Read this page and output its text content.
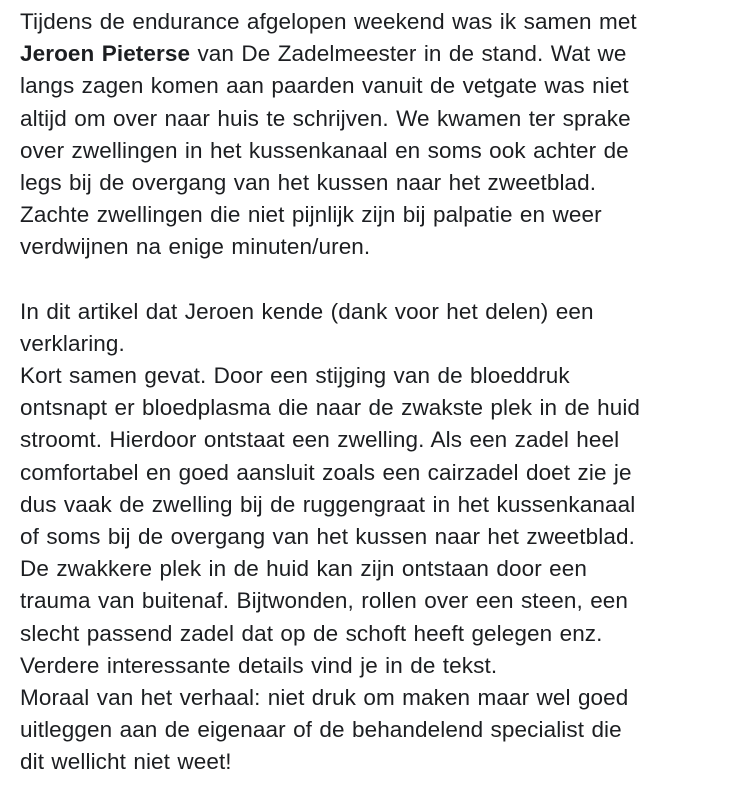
Tijdens de endurance afgelopen weekend was ik samen met
Jeroen Pieterse van De Zadelmeester in de stand. Wat we
langs zagen komen aan paarden vanuit de vetgate was niet
altijd om over naar huis te schrijven. We kwamen ter sprake
over zwellingen in het kussenkanaal en soms ook achter de
legs bij de overgang van het kussen naar het zweetblad.
Zachte zwellingen die niet pijnlijk zijn bij palpatie en weer
verdwijnen na enige minuten/uren.
In dit artikel dat Jeroen kende (dank voor het delen) een
verklaring.
Kort samen gevat. Door een stijging van de bloeddruk
ontsnapt er bloedplasma die naar de zwakste plek in de huid
stroomt. Hierdoor ontstaat een zwelling. Als een zadel heel
comfortabel en goed aansluit zoals een cairzadel doet zie je
dus vaak de zwelling bij de ruggengraat in het kussenkanaal
of soms bij de overgang van het kussen naar het zweetblad.
De zwakkere plek in de huid kan zijn ontstaan door een
trauma van buitenaf. Bijtwonden, rollen over een steen, een
slecht passend zadel dat op de schoft heeft gelegen enz.
Verdere interessante details vind je in de tekst.
Moraal van het verhaal: niet druk om maken maar wel goed
uitleggen aan de eigenaar of de behandelend specialist die
dit wellicht niet weet!
